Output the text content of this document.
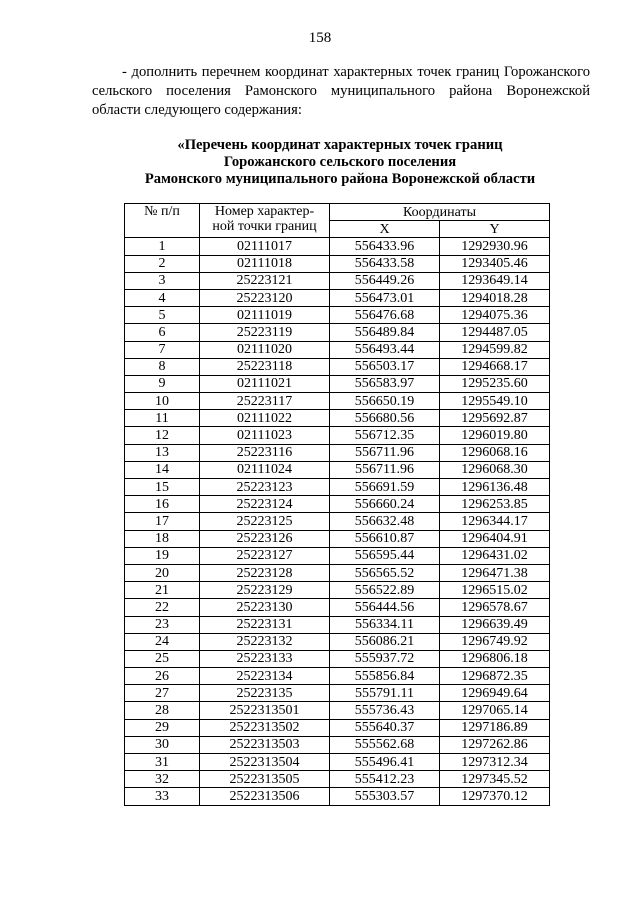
158

- дополнить перечнем координат характерных точек границ Горожанского сельского поселения Рамонского муниципального района Воронежской области следующего содержания:

«Перечень координат характерных точек границ
Горожанского сельского поселения
Рамонского муниципального района Воронежской области
№ п/п	Номер характер-ной точки границ	Координаты	
		X	Y
1	02111017	556433.96	1292930.96
2	02111018	556433.58	1293405.46
3	25223121	556449.26	1293649.14
4	25223120	556473.01	1294018.28
5	02111019	556476.68	1294075.36
6	25223119	556489.84	1294487.05
7	02111020	556493.44	1294599.82
8	25223118	556503.17	1294668.17
9	02111021	556583.97	1295235.60
10	25223117	556650.19	1295549.10
11	02111022	556680.56	1295692.87
12	02111023	556712.35	1296019.80
13	25223116	556711.96	1296068.16
14	02111024	556711.96	1296068.30
15	25223123	556691.59	1296136.48
16	25223124	556660.24	1296253.85
17	25223125	556632.48	1296344.17
18	25223126	556610.87	1296404.91
19	25223127	556595.44	1296431.02
20	25223128	556565.52	1296471.38
21	25223129	556522.89	1296515.02
22	25223130	556444.56	1296578.67
23	25223131	556334.11	1296639.49
24	25223132	556086.21	1296749.92
25	25223133	555937.72	1296806.18
26	25223134	555856.84	1296872.35
27	25223135	555791.11	1296949.64
28	2522313501	555736.43	1297065.14
29	2522313502	555640.37	1297186.89
30	2522313503	555562.68	1297262.86
31	2522313504	555496.41	1297312.34
32	2522313505	555412.23	1297345.52
33	2522313506	555303.57	1297370.12
